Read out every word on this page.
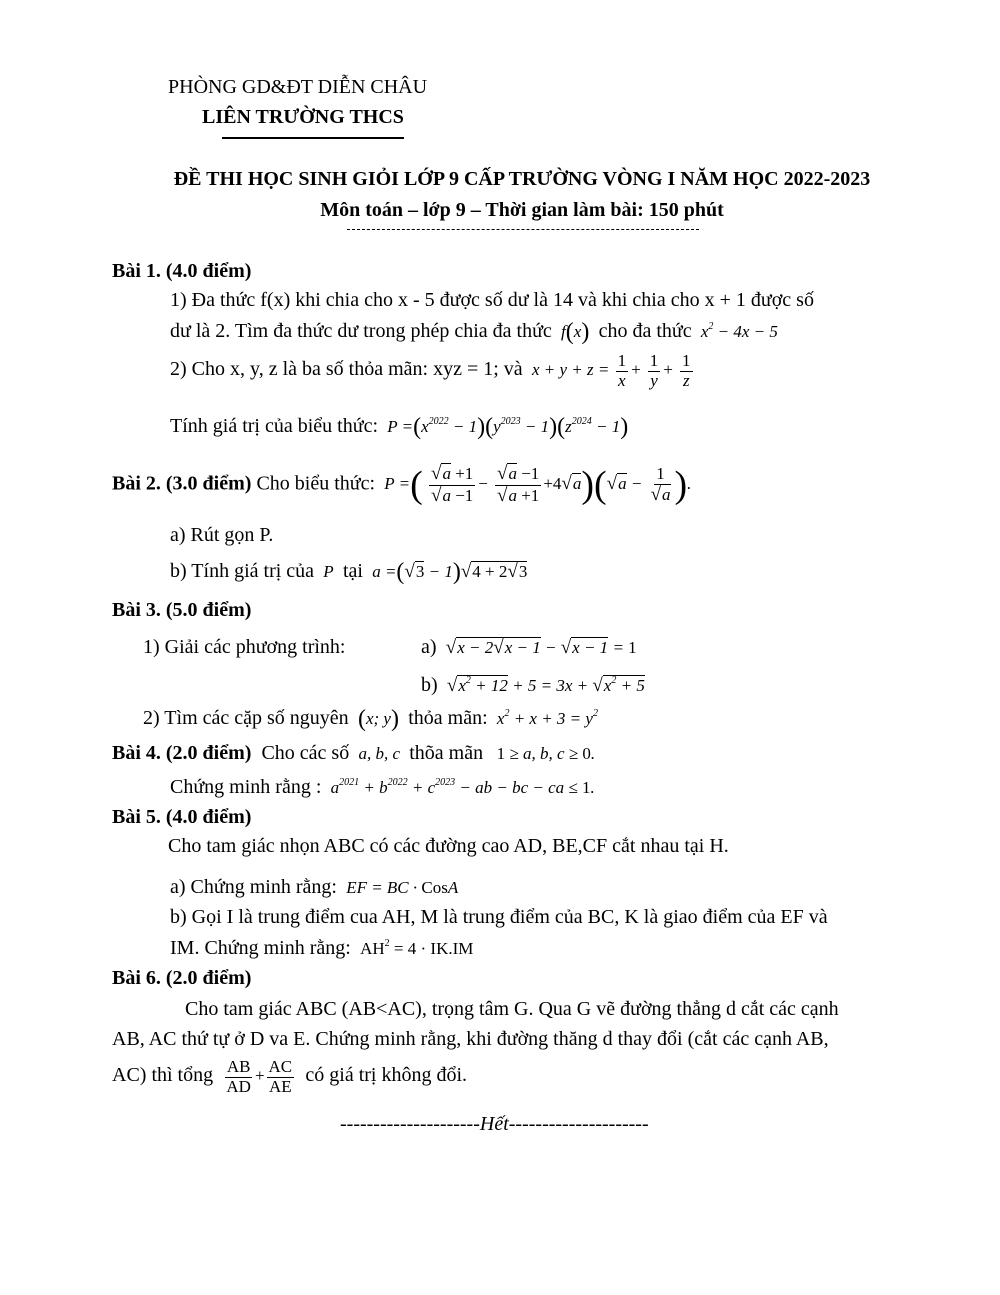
PHÒNG GD&ĐT DIỄN CHÂU
LIÊN TRƯỜNG THCS
ĐỀ THI HỌC SINH GIỎI LỚP 9 CẤP TRƯỜNG VÒNG I NĂM HỌC 2022-2023
Môn toán – lớp 9 – Thời gian làm bài: 150 phút
Bài 1. (4.0 điểm)
1) Đa thức f(x) khi chia cho x - 5 được số dư là 14 và khi chia cho x + 1 được số
dư là 2. Tìm đa thức dư trong phép chia đa thức  f(x) cho đa thức  $x^2 - 4x - 5$
2) Cho x, y, z là ba số thỏa mãn: xyz = 1; và  $x + y + z = \frac{1}{x} + \frac{1}{y} + \frac{1}{z}$
Tính giá trị của biểu thức:  $P =(x^{2022} - 1)(y^{2023} - 1)(z^{2024} - 1)$
Bài 2. (3.0 điểm) Cho biểu thức:  P =( $\frac{√a +1}{√a -1} - \frac{√a -1}{√a +1} +4√a)(√a - \frac{1}{√a}$ ).
a) Rút gọn P.
b) Tính giá trị của  P  tại  a =(√3 − 1)√4 + 2√3
Bài 3. (5.0 điểm)
1) Giải các phương trình:	a) √x − 2√x − 1 − √x − 1 = 1
b) $√x^2 + 12 + 5 = 3x + √x^2 + 5$
2) Tìm các cặp số nguyên (x; y) thỏa mãn:  $x^2 + x + 3 = y^2$
Bài 4. (2.0 điểm) Cho các số  a, b, c  thõa mãn 1 ≥ a, b, c ≥ 0.
Chứng minh rằng :  $a^{2021} + b^{2022} + c^{2023}$ − ab − bc − ca ≤ 1.
Bài 5. (4.0 điểm)
Cho tam giác nhọn ABC có các đường cao AD, BE,CF cắt nhau tại H.
a) Chứng minh rằng:  EF = BC · CosA
b) Gọi I là trung điểm cua AH, M là trung điểm của BC, K là giao điểm của EF và
IM. Chứng minh rằng:  $AH^2 = 4 \cdot IK.IM$
Bài 6. (2.0 điểm)
Cho tam giác ABC (AB<AC), trọng tâm G. Qua G vẽ đường thẳng d cắt các cạnh
AB, AC thứ tự ở D va E. Chứng minh rằng, khi đường thăng d thay đổi (cắt các cạnh AB,
AC) thì tổng $\frac{AB}{AD} + \frac{AC}{AE}$ có giá trị không đổi.
---------------------Hết---------------------
